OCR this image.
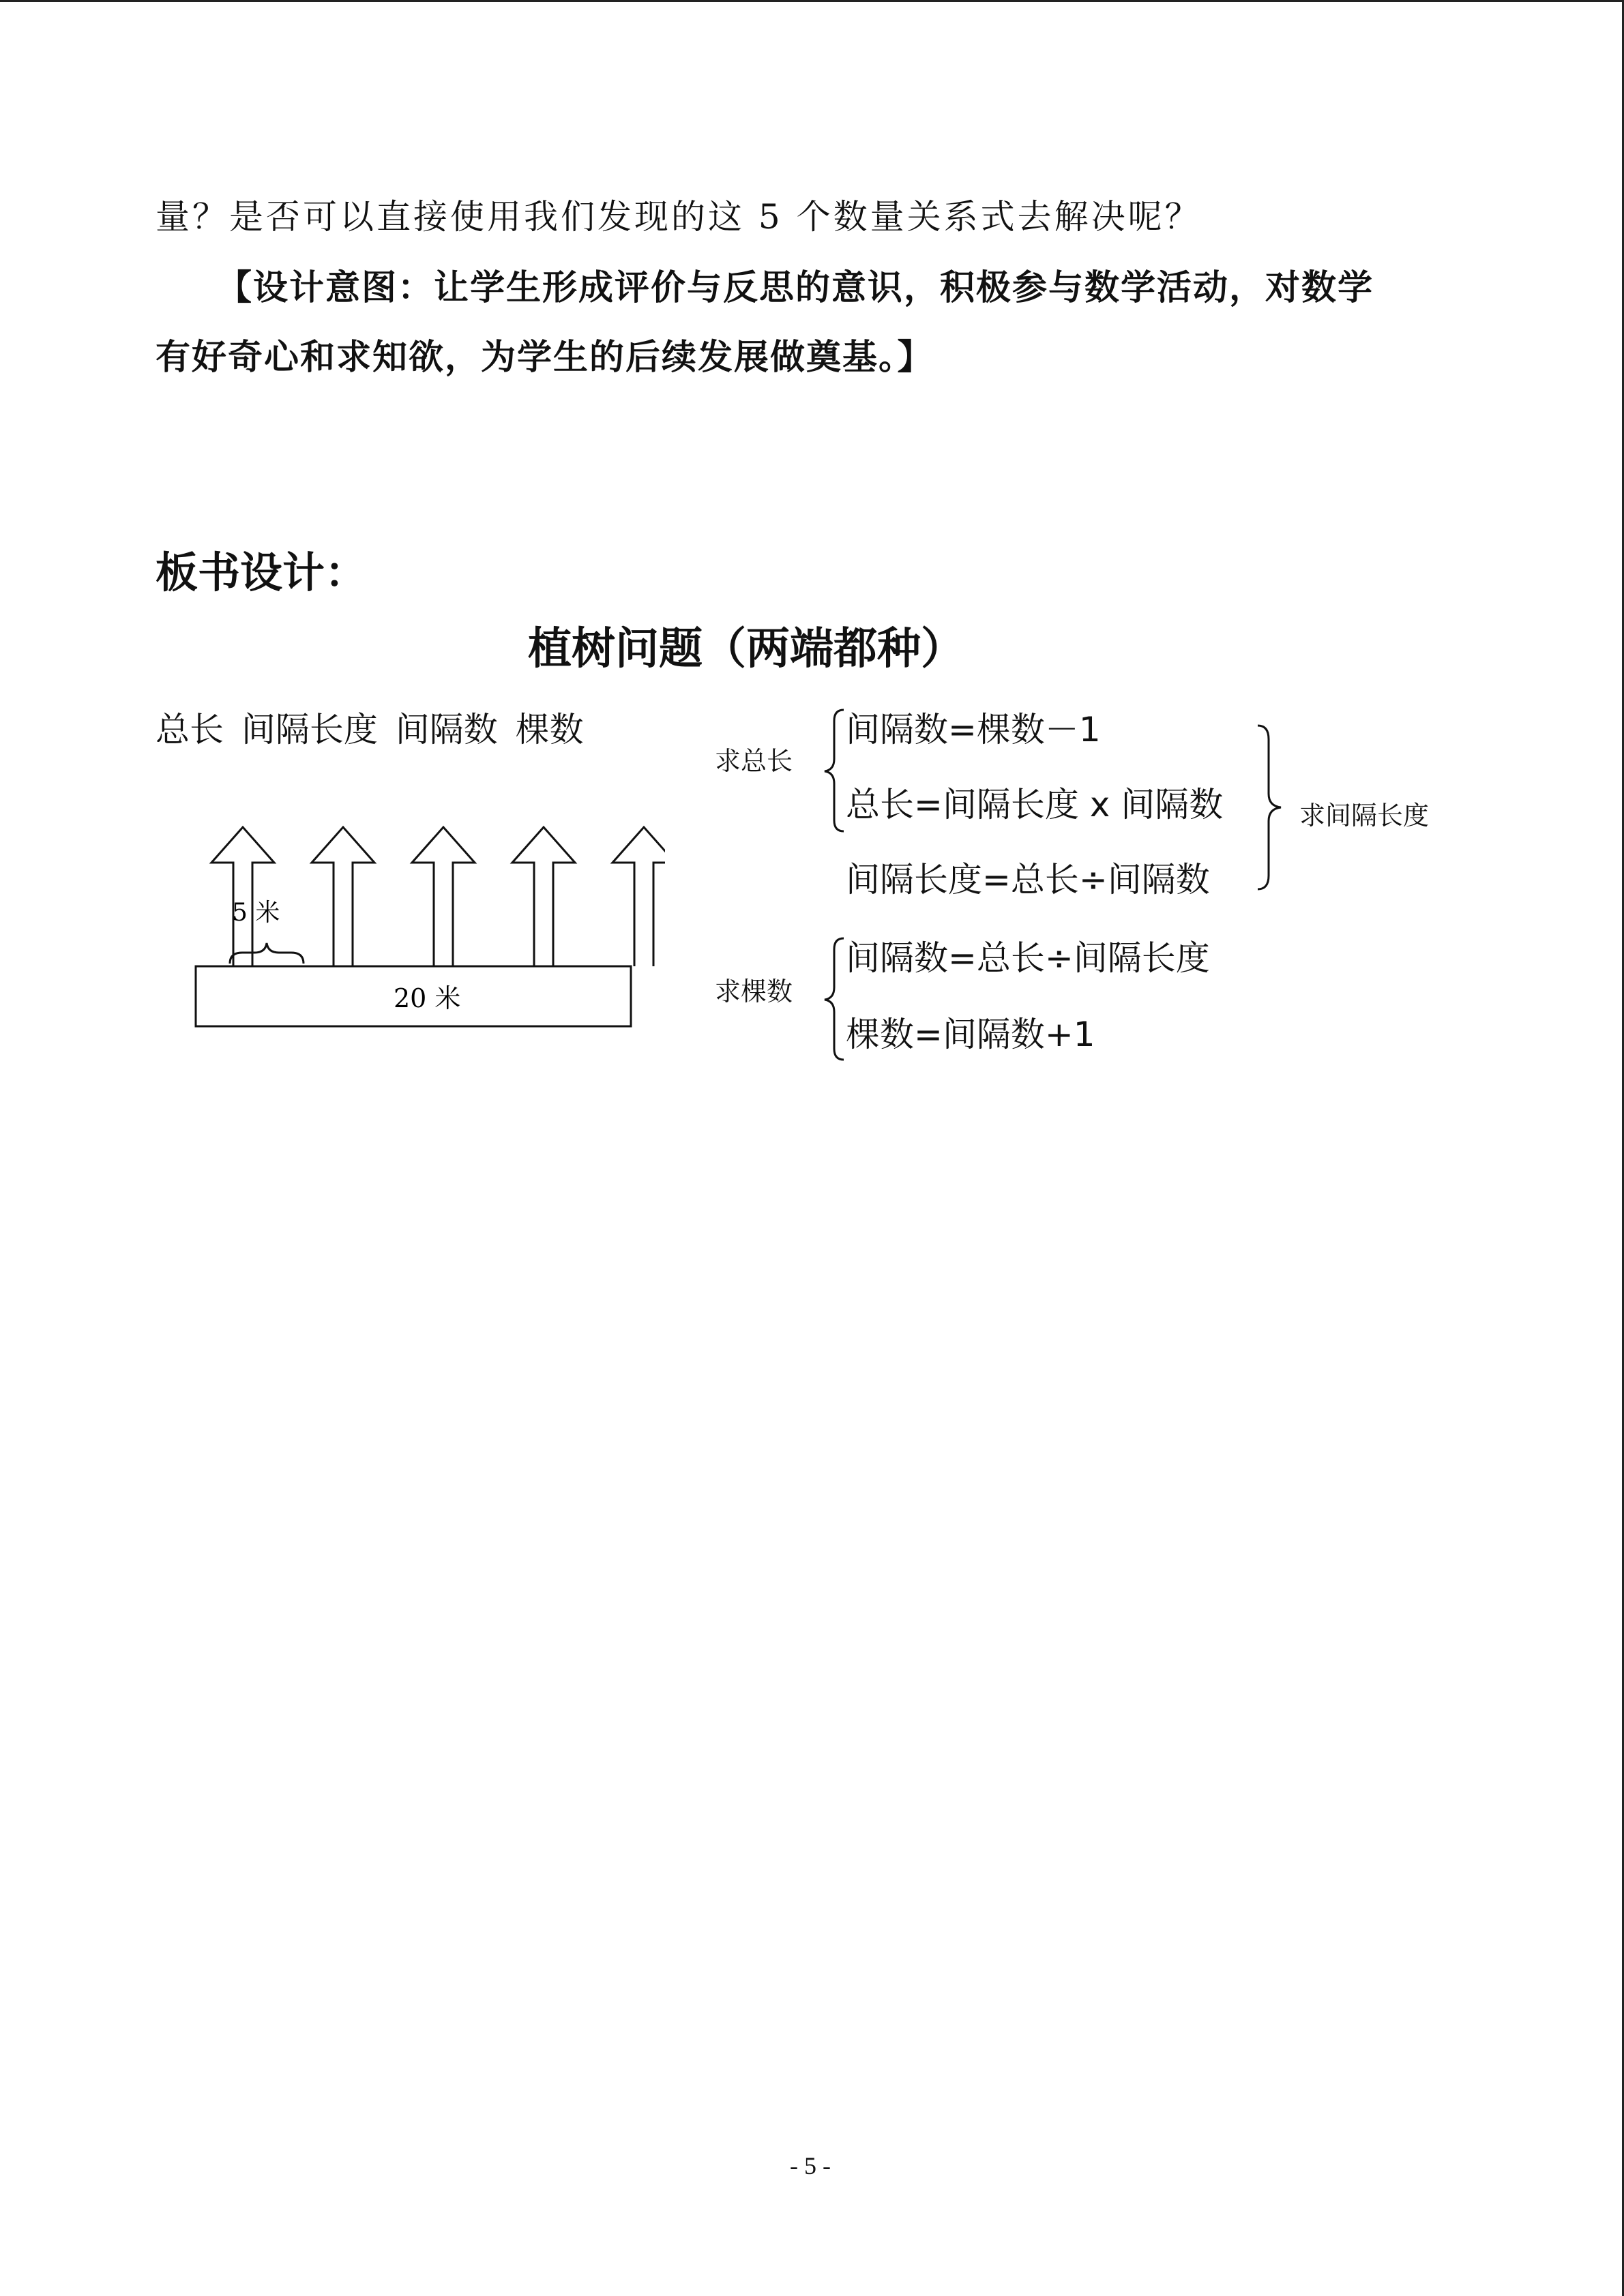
量？是否可以直接使用我们发现的这 5 个数量关系式去解决呢？
【设计意图：让学生形成评价与反思的意识，积极参与数学活动，对数学
有好奇心和求知欲，为学生的后续发展做奠基。】
板书设计：
植树问题（两端都种）
总长 间隔长度 间隔数 棵数
5 米
20 米
求总长
间隔数=棵数－1
总长=间隔长度 x 间隔数
间隔长度=总长÷间隔数
求间隔长度
求棵数
间隔数=总长÷间隔长度
棵数=间隔数+1
- 5 -
